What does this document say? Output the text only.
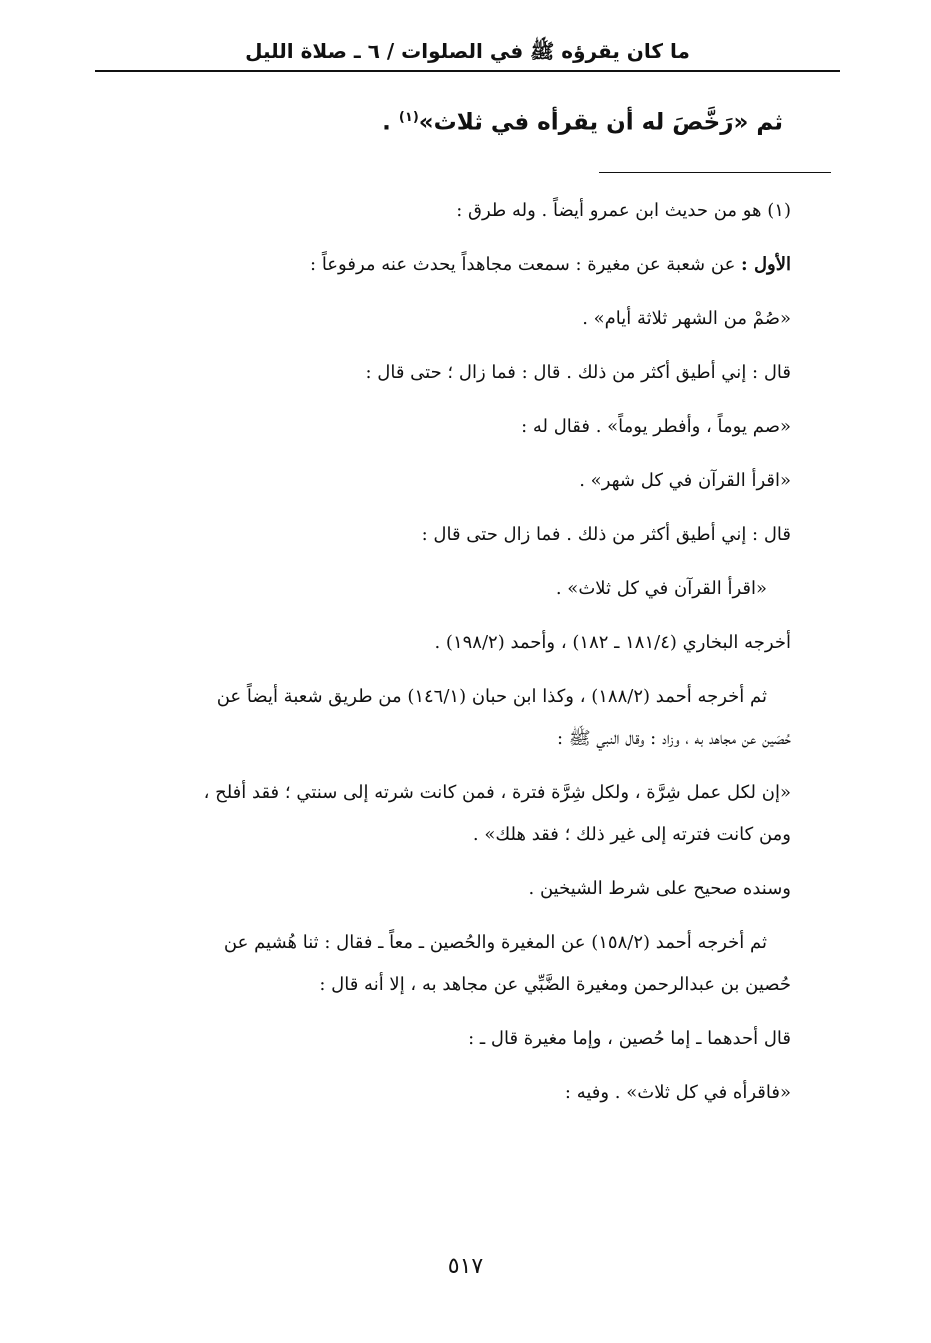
ما كان يقرؤه ﷺ في الصلوات / ٦ ـ صلاة الليل
ثم «رَخَّصَ له أن يقرأه في ثلاث»$^{(١)}$ .
(١) هو من حديث ابن عمرو أيضاً . وله طرق :
الأول : عن شعبة عن مغيرة : سمعت مجاهداً يحدث عنه مرفوعاً :
«صُمْ من الشهر ثلاثة أيام» .
قال : إني أطيق أكثر من ذلك . قال : فما زال ؛ حتى قال :
«صم يوماً ، وأفطر يوماً» . فقال له :
«اقرأ القرآن في كل شهر» .
قال : إني أطيق أكثر من ذلك . فما زال حتى قال :
«اقرأ القرآن في كل ثلاث» .
أخرجه البخاري (١٨١/٤ ـ ١٨٢) ، وأحمد (١٩٨/٢) .
ثم أخرجه أحمد (١٨٨/٢) ، وكذا ابن حبان (١٤٦/١) من طريق شعبة أيضاً عن
حُصَين عن مجاهد به ، وزاد : وقال النبي ﷺ :
«إن لكل عمل شِرَّة ، ولكل شِرَّة فترة ، فمن كانت شرته إلى سنتي ؛ فقد أفلح ،
ومن كانت فترته إلى غير ذلك ؛ فقد هلك» .
وسنده صحيح على شرط الشيخين .
ثم أخرجه أحمد (١٥٨/٢) عن المغيرة والحُصين ـ معاً ـ فقال : ثنا هُشيم عن
حُصين بن عبدالرحمن ومغيرة الضَّبِّي عن مجاهد به ، إلا أنه قال :
قال أحدهما ـ إما حُصين ، وإما مغيرة قال ـ :
«فاقرأه في كل ثلاث» . وفيه :
٥١٧
